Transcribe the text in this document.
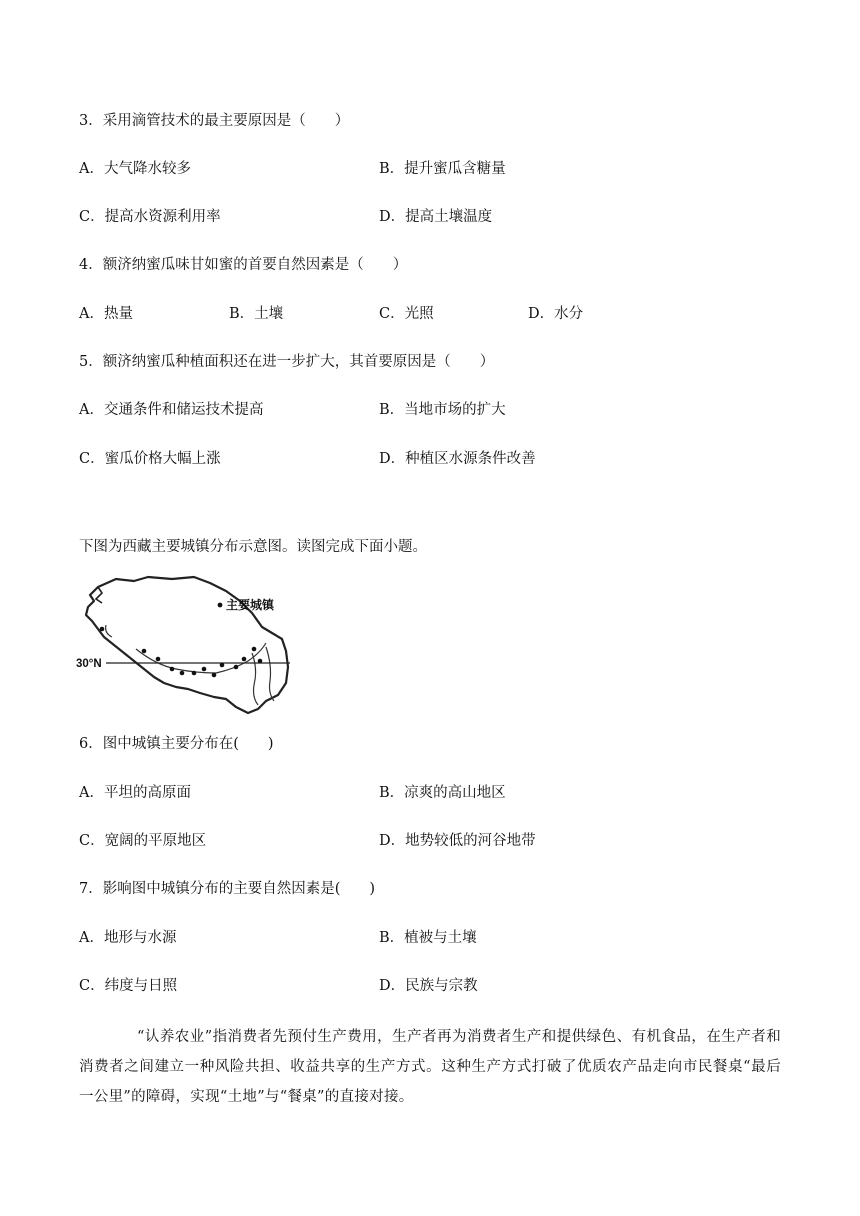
3．采用滴管技术的最主要原因是（　　）
A．大气降水较多	B．提升蜜瓜含糖量
C．提高水资源利用率	D．提高土壤温度
4．额济纳蜜瓜味甘如蜜的首要自然因素是（　　）
A．热量	B．土壤	C．光照	D．水分
5．额济纳蜜瓜种植面积还在进一步扩大，其首要原因是（　　）
A．交通条件和储运技术提高	B．当地市场的扩大
C．蜜瓜价格大幅上涨	D．种植区水源条件改善
下图为西藏主要城镇分布示意图。读图完成下面小题。
30°N
主要城镇
6．图中城镇主要分布在(　　)
A．平坦的高原面	B．凉爽的高山地区
C．宽阔的平原地区	D．地势较低的河谷地带
7．影响图中城镇分布的主要自然因素是(　　)
A．地形与水源	B．植被与土壤
C．纬度与日照	D．民族与宗教
“认养农业”指消费者先预付生产费用，生产者再为消费者生产和提供绿色、有机食品，在生产者和消费者之间建立一种风险共担、收益共享的生产方式。这种生产方式打破了优质农产品走向市民餐桌“最后一公里”的障碍，实现“土地”与“餐桌”的直接对接。
